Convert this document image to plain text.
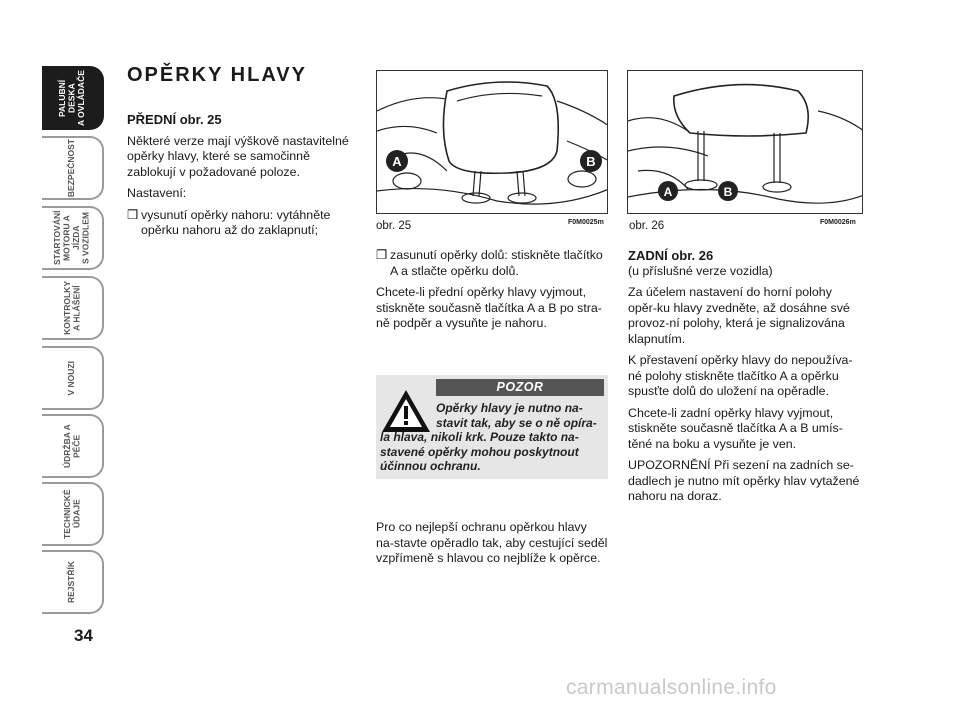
PALUBNÍ DESKA
A OVLÁDAČE
BEZPEČNOST
STARTOVÁNÍ
MOTORU A JÍZDA
S VOZIDLEM
KONTROLKY
A HLÁŠENÍ
V NOUZI
ÚDRŽBA A PÉČE
TECHNICKÉ ÚDAJE
REJSTŘÍK
34
OPĚRKY HLAVY
PŘEDNÍ obr. 25

Některé verze mají výškově nastavitelné opěrky hlavy, které se samočinně zablokují v požadované poloze.

Nastavení:

❒ vysunutí opěrky nahoru: vytáhněte opěrku nahoru až do zaklapnutí;
A	B
obr. 25	F0M0025m
A	B
obr. 26	F0M0026m
❒ zasunutí opěrky dolů: stiskněte tlačítko A a stlačte opěrku dolů.

Chcete-li přední opěrky hlavy vyjmout, stiskněte současně tlačítka A a B po stra-ně podpěr a vysuňte je nahoru.

POZOR
Opěrky hlavy je nutno na-
stavit tak, aby se o ně opíra-
la hlava, nikoli krk. Pouze takto na-stavené opěrky mohou poskytnout účinnou ochranu.

Pro co nejlepší ochranu opěrkou hlavy na-stavte opěradlo tak, aby cestující seděl vzpřímeně s hlavou co nejblíže k opěrce.

ZADNÍ obr. 26

(u příslušné verze vozidla)

Za účelem nastavení do horní polohy opěr-ku hlavy zvedněte, až dosáhne své provoz-ní polohy, která je signalizována klapnutím.

K přestavení opěrky hlavy do nepoužíva-né polohy stiskněte tlačítko A a opěrku spusťte dolů do uložení na opěradle.

Chcete-li zadní opěrky hlavy vyjmout, stiskněte současně tlačítka A a B umís-těné na boku a vysuňte je ven.

UPOZORNĚNÍ Při sezení na zadních se-dadlech je nutno mít opěrky hlav vytažené nahoru na doraz.

carmanualsonline.info
